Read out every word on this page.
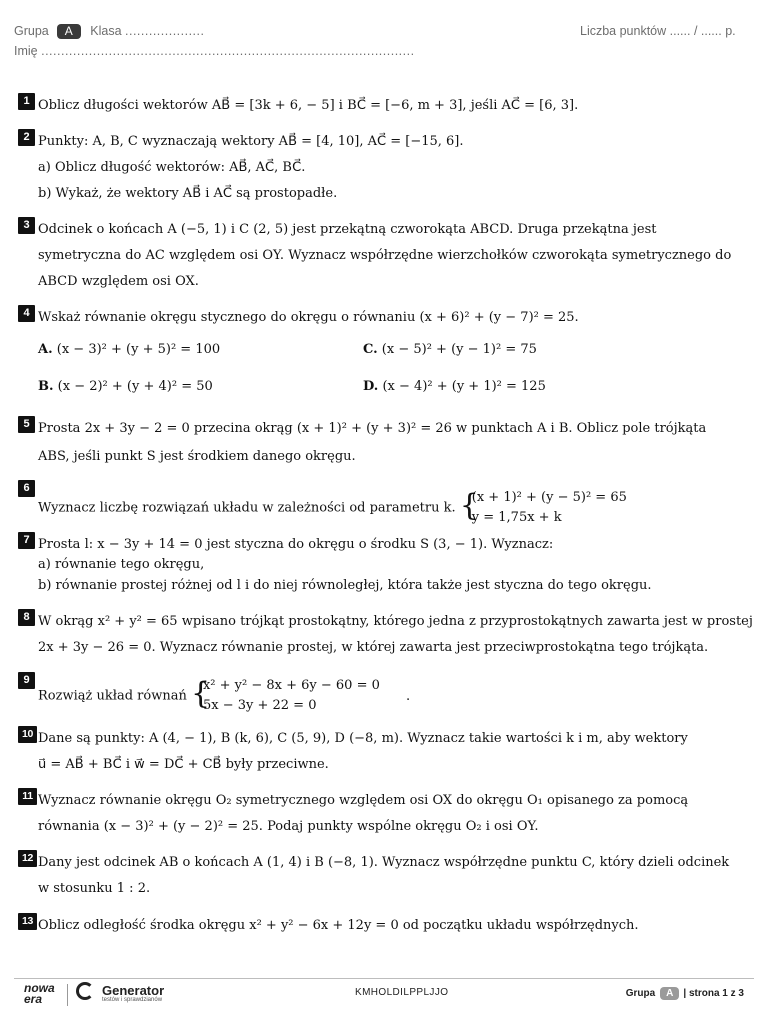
Grupa A Klasa ....................	Liczba punktów ...... / ...... p.
Imię ..............................................................................................
1 Oblicz długości wektorów AB⃗ = [3k + 6, − 5] i BC⃗ = [−6, m + 3], jeśli AC⃗ = [6, 3].
2 Punkty: A, B, C wyznaczają wektory AB⃗ = [4, 10], AC⃗ = [−15, 6].
a) Oblicz długość wektorów: AB⃗, AC⃗, BC⃗.
b) Wykaż, że wektory AB⃗ i AC⃗ są prostopadłe.
3 Odcinek o końcach A (−5, 1) i C (2, 5) jest przekątną czworokąta ABCD. Druga przekątna jest
symetryczna do AC względem osi OY. Wyznacz współrzędne wierzchołków czworokąta symetrycznego do
ABCD względem osi OX.
4 Wskaż równanie okręgu stycznego do okręgu o równaniu (x + 6)² + (y − 7)² = 25.
A. (x − 3)² + (y + 5)² = 100	C. (x − 5)² + (y − 1)² = 75
B. (x − 2)² + (y + 4)² = 50	D. (x − 4)² + (y + 1)² = 125
5 Prosta 2x + 3y − 2 = 0 przecina okrąg (x + 1)² + (y + 3)² = 26 w punktach A i B. Oblicz pole trójkąta
ABS, jeśli punkt S jest środkiem danego okręgu.
6
Wyznacz liczbę rozwiązań układu w zależności od parametru k.
{ (x + 1)² + (y − 5)² = 65
y = 1,75x + k
7 Prosta l: x − 3y + 14 = 0 jest styczna do okręgu o środku S (3, − 1). Wyznacz:
a) równanie tego okręgu,
b) równanie prostej różnej od l i do niej równoległej, która także jest styczna do tego okręgu.
8 W okrąg x² + y² = 65 wpisano trójkąt prostokątny, którego jedna z przyprostokątnych zawarta jest w prostej
2x + 3y − 26 = 0. Wyznacz równanie prostej, w której zawarta jest przeciwprostokątna tego trójkąta.
9
Rozwiąż układ równań
{ x² + y² − 8x + 6y − 60 = 0
5x − 3y + 22 = 0
.
10 Dane są punkty: A (4, − 1), B (k, 6), C (5, 9), D (−8, m). Wyznacz takie wartości k i m, aby wektory
u⃗ = AB⃗ + BC⃗ i w⃗ = DC⃗ + CB⃗ były przeciwne.
11 Wyznacz równanie okręgu O₂ symetrycznego względem osi OX do okręgu O₁ opisanego za pomocą
równania (x − 3)² + (y − 2)² = 25. Podaj punkty wspólne okręgu O₂ i osi OY.
12 Dany jest odcinek AB o końcach A (1, 4) i B (−8, 1). Wyznacz współrzędne punktu C, który dzieli odcinek
w stosunku 1 : 2.
13 Oblicz odległość środka okręgu x² + y² − 6x + 12y = 0 od początku układu współrzędnych.
nowa
era
Generator
testów i sprawdzianów
KMHOLDILPPLJJO	Grupa A | strona 1 z 3
